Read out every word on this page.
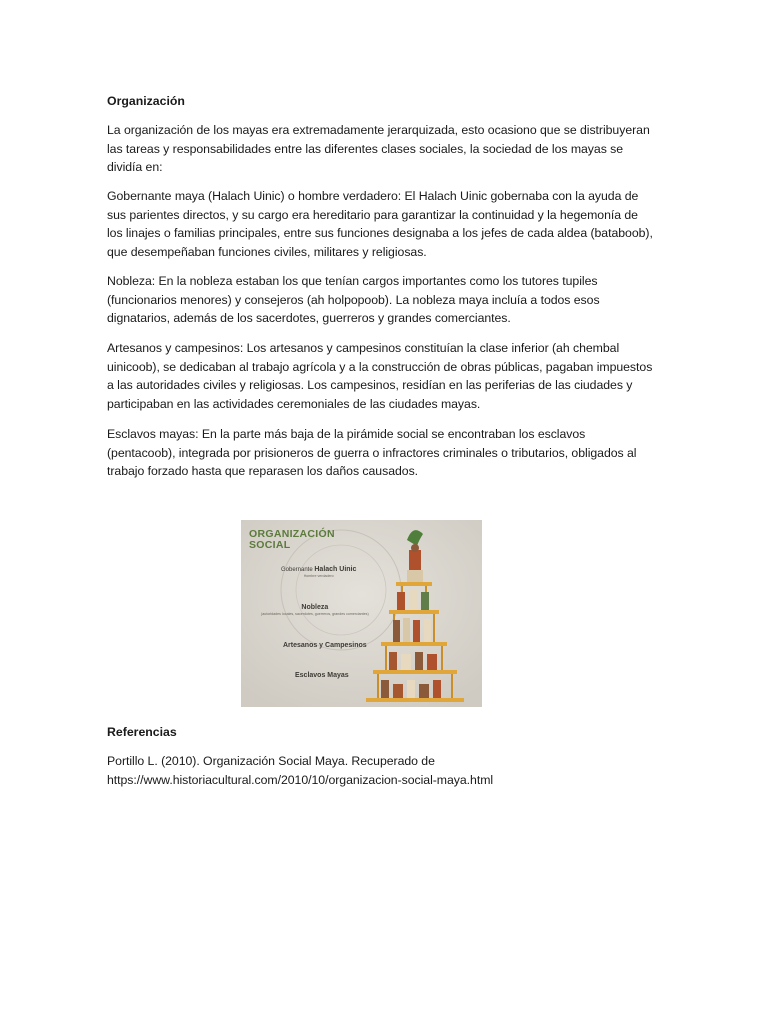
Organización

La organización de los mayas era extremadamente jerarquizada, esto ocasiono que se distribuyeran las tareas y responsabilidades entre las diferentes clases sociales, la sociedad de los mayas se dividía en:

Gobernante maya (Halach Uinic) o hombre verdadero: El Halach Uinic gobernaba con la ayuda de sus parientes directos, y su cargo era hereditario para garantizar la continuidad y la hegemonía de los linajes o familias principales, entre sus funciones designaba a los jefes de cada aldea (bataboob), que desempeñaban funciones civiles, militares y religiosas.

Nobleza: En la nobleza estaban los que tenían cargos importantes como los tutores tupiles (funcionarios menores) y consejeros (ah holpopoob). La nobleza maya incluía a todos esos dignatarios, además de los sacerdotes, guerreros y grandes comerciantes.

Artesanos y campesinos: Los artesanos y campesinos constituían la clase inferior (ah chembal uinicoob), se dedicaban al trabajo agrícola y a la construcción de obras públicas, pagaban impuestos a las autoridades civiles y religiosas. Los campesinos, residían en las periferias de las ciudades y participaban en las actividades ceremoniales de las ciudades mayas.

Esclavos mayas: En la parte más baja de la pirámide social se encontraban los esclavos (pentacoob), integrada por prisioneros de guerra o infractores criminales o tributarios, obligados al trabajo forzado hasta que reparasen los daños causados.

Referencias

Portillo L. (2010). Organización Social Maya. Recuperado de
https://www.historiacultural.com/2010/10/organizacion-social-maya.html

ORGANIZACIÓN
SOCIAL
Gobernante Halach Uinic
Hombre verdadero
Nobleza
(autoridades locales, sacerdotes, guerreros, grandes comerciantes)
Artesanos y Campesinos
Esclavos Mayas
